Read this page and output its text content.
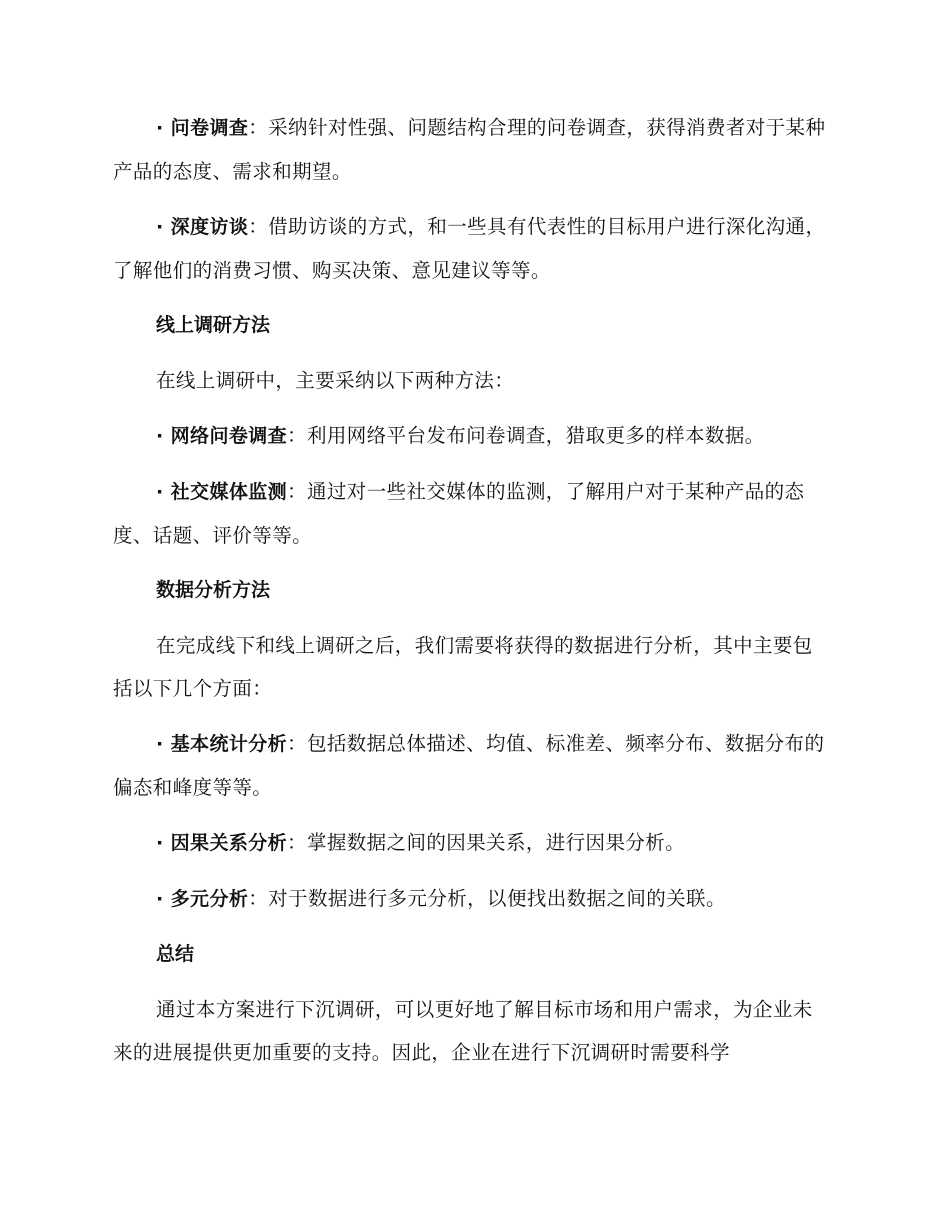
· 问卷调查：采纳针对性强、问题结构合理的问卷调查，获得消费者对于某种产品的态度、需求和期望。

· 深度访谈：借助访谈的方式，和一些具有代表性的目标用户进行深化沟通，了解他们的消费习惯、购买决策、意见建议等等。

线上调研方法

在线上调研中，主要采纳以下两种方法：

· 网络问卷调查：利用网络平台发布问卷调查，猎取更多的样本数据。

· 社交媒体监测：通过对一些社交媒体的监测，了解用户对于某种产品的态度、话题、评价等等。

数据分析方法

在完成线下和线上调研之后，我们需要将获得的数据进行分析，其中主要包括以下几个方面：

· 基本统计分析：包括数据总体描述、均值、标准差、频率分布、数据分布的偏态和峰度等等。

· 因果关系分析：掌握数据之间的因果关系，进行因果分析。

· 多元分析：对于数据进行多元分析，以便找出数据之间的关联。

总结

通过本方案进行下沉调研，可以更好地了解目标市场和用户需求，为企业未来的进展提供更加重要的支持。因此，企业在进行下沉调研时需要科学
